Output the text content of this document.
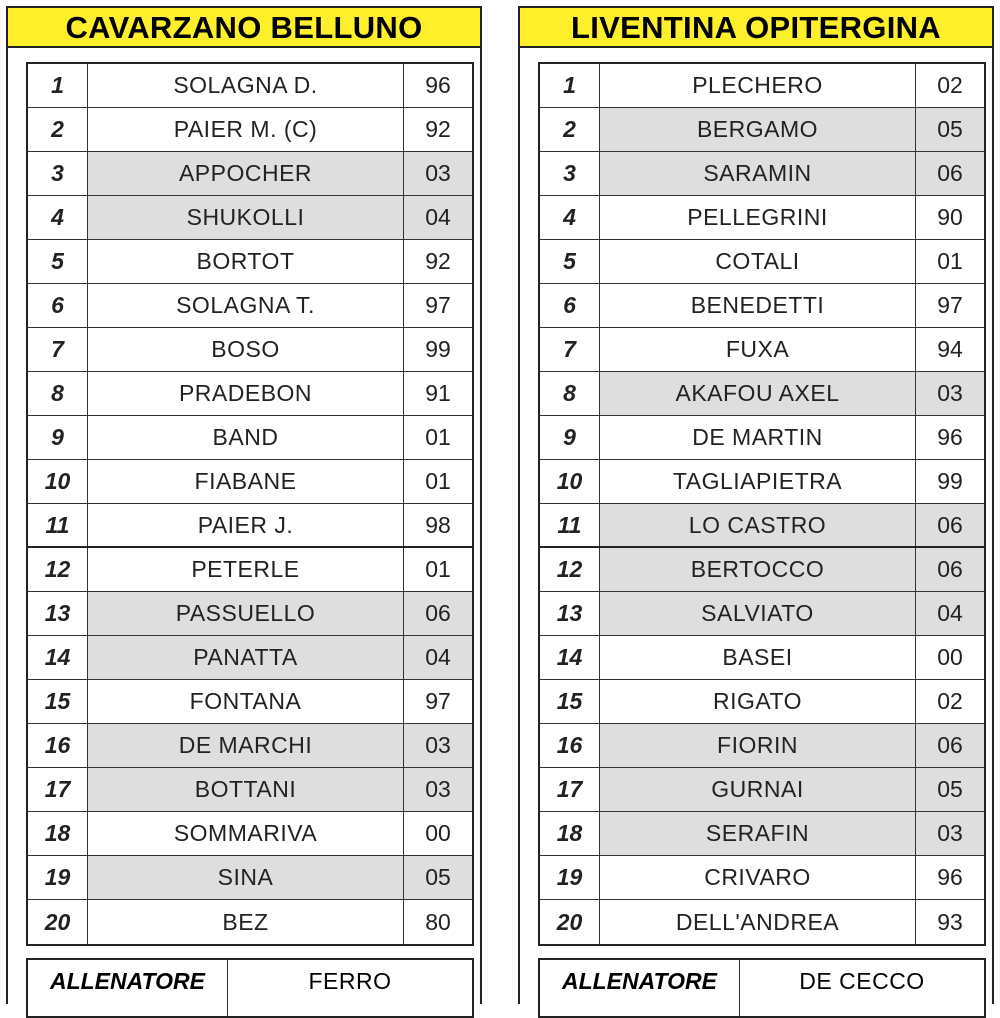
CAVARZANO BELLUNO
1	SOLAGNA D.	96
2	PAIER M. (C)	92
3	APPOCHER	03
4	SHUKOLLI	04
5	BORTOT	92
6	SOLAGNA T.	97
7	BOSO	99
8	PRADEBON	91
9	BAND	01
10	FIABANE	01
11	PAIER J.	98
12	PETERLE	01
13	PASSUELLO	06
14	PANATTA	04
15	FONTANA	97
16	DE MARCHI	03
17	BOTTANI	03
18	SOMMARIVA	00
19	SINA	05
20	BEZ	80
ALLENATORE	FERRO
LIVENTINA OPITERGINA
1	PLECHERO	02
2	BERGAMO	05
3	SARAMIN	06
4	PELLEGRINI	90
5	COTALI	01
6	BENEDETTI	97
7	FUXA	94
8	AKAFOU AXEL	03
9	DE MARTIN	96
10	TAGLIAPIETRA	99
11	LO CASTRO	06
12	BERTOCCO	06
13	SALVIATO	04
14	BASEI	00
15	RIGATO	02
16	FIORIN	06
17	GURNAI	05
18	SERAFIN	03
19	CRIVARO	96
20	DELL'ANDREA	93
ALLENATORE	DE CECCO
